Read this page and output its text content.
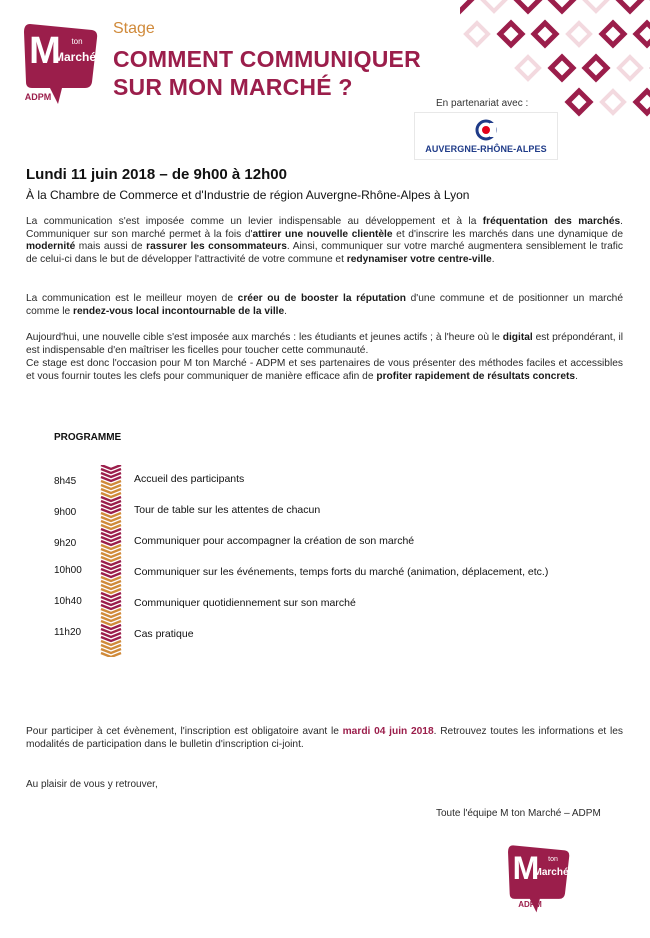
M	ton
Marché
ADPM
Stage
COMMENT COMMUNIQUER
SUR MON MARCHÉ ?
En partenariat avec :
AUVERGNE-RHÔNE-ALPES
Lundi 11 juin 2018 – de 9h00 à 12h00
À la Chambre de Commerce et d'Industrie de région Auvergne-Rhône-Alpes à Lyon
La communication s'est imposée comme un levier indispensable au développement et à la fréquentation des marchés. Communiquer sur son marché permet à la fois d'attirer une nouvelle clientèle et d'inscrire les marchés dans une dynamique de modernité mais aussi de rassurer les consommateurs. Ainsi, communiquer sur votre marché augmentera sensiblement le trafic de celui-ci dans le but de développer l'attractivité de votre commune et redynamiser votre centre-ville.
La communication est le meilleur moyen de créer ou de booster la réputation d'une commune et de positionner un marché comme le rendez-vous local incontournable de la ville.
Aujourd'hui, une nouvelle cible s'est imposée aux marchés : les étudiants et jeunes actifs ; à l'heure où le digital est prépondérant, il est indispensable d'en maîtriser les ficelles pour toucher cette communauté.
Ce stage est donc l'occasion pour M ton Marché - ADPM et ses partenaires de vous présenter des méthodes faciles et accessibles et vous fournir toutes les clefs pour communiquer de manière efficace afin de profiter rapidement de résultats concrets.
PROGRAMME
8h45	Accueil des participants
9h00	Tour de table sur les attentes de chacun
9h20	Communiquer pour accompagner la création de son marché
10h00	Communiquer sur les événements, temps forts du marché (animation, déplacement, etc.)
10h40	Communiquer quotidiennement sur son marché
11h20	Cas pratique
Pour participer à cet évènement, l'inscription est obligatoire avant le mardi 04 juin 2018. Retrouvez toutes les informations et les modalités de participation dans le bulletin d'inscription ci-joint.
Au plaisir de vous y retrouver,
Toute l'équipe M ton Marché – ADPM
M	ton
Marché
ADPM
